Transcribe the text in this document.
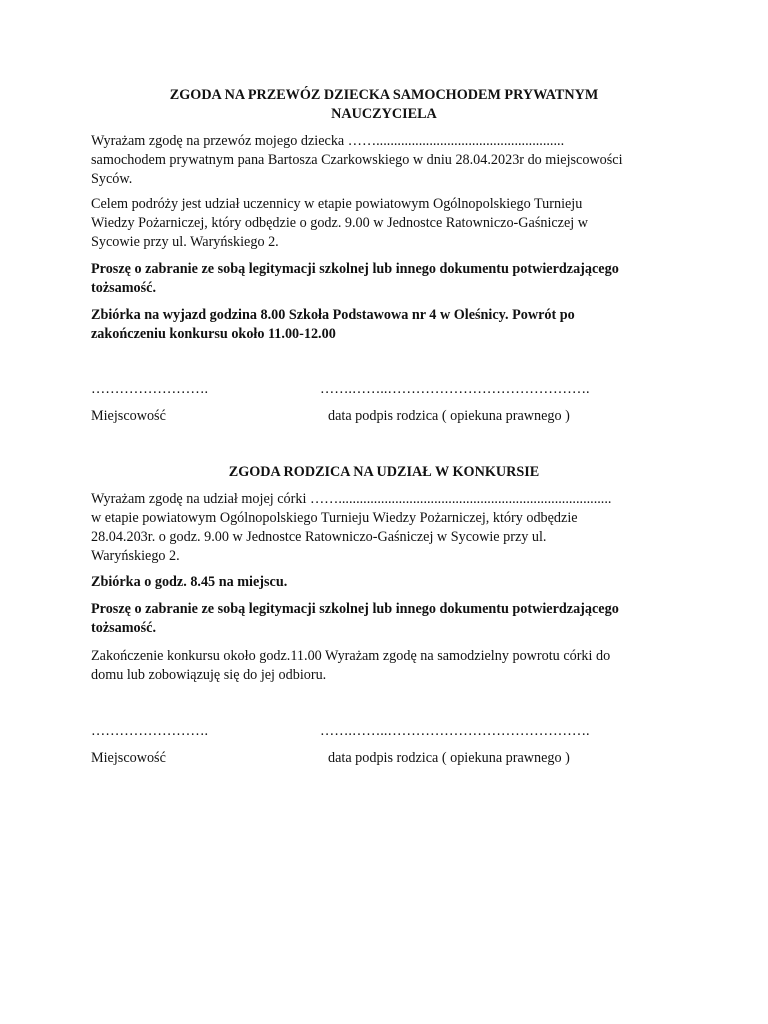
ZGODA NA PRZEWÓZ DZIECKA SAMOCHODEM PRYWATNYM
NAUCZYCIELA

Wyrażam zgodę na przewóz mojego dziecka …….....................................................
samochodem prywatnym pana Bartosza Czarkowskiego w dniu 28.04.2023r do miejscowości
Syców.

Celem podróży jest udział uczennicy w etapie powiatowym Ogólnopolskiego Turnieju
Wiedzy Pożarniczej, który odbędzie o godz. 9.00 w Jednostce Ratowniczo-Gaśniczej w
Sycowie przy ul. Waryńskiego 2.

Proszę o zabranie ze sobą legitymacji szkolnej lub innego dokumentu potwierdzającego
tożsamość.

Zbiórka na wyjazd godzina 8.00 Szkoła Podstawowa nr 4 w Oleśnicy. Powrót po
zakończeniu konkursu około 11.00-12.00

…………………….	…….……..…………………………………….

Miejscowość	data podpis rodzica ( opiekuna prawnego )

ZGODA RODZICA NA UDZIAŁ W KONKURSIE

Wyrażam zgodę na udział mojej córki …….............................................................................
w etapie powiatowym Ogólnopolskiego Turnieju Wiedzy Pożarniczej, który odbędzie
28.04.203r. o godz. 9.00 w Jednostce Ratowniczo-Gaśniczej w Sycowie przy ul.
Waryńskiego 2.

Zbiórka o godz. 8.45 na miejscu.

Proszę o zabranie ze sobą legitymacji szkolnej lub innego dokumentu potwierdzającego
tożsamość.

Zakończenie konkursu około godz.11.00 Wyrażam zgodę na samodzielny powrotu córki do
domu lub zobowiązuję się do jej odbioru.

…………………….	…….……..…………………………………….

Miejscowość	data podpis rodzica ( opiekuna prawnego )
